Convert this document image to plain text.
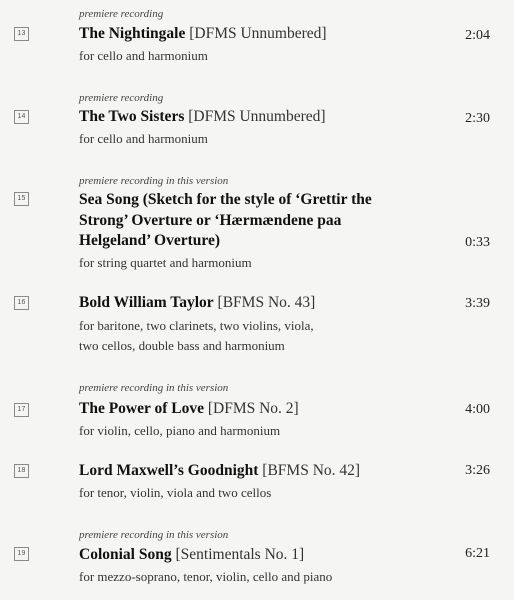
13
premiere recording
The Nightingale [DFMS Unnumbered]
for cello and harmonium
2:04
14
premiere recording
The Two Sisters [DFMS Unnumbered]
for cello and harmonium
2:30
15
premiere recording in this version
Sea Song (Sketch for the style of ‘Grettir the
Strong’ Overture or ‘Hærmændene paa
Helgeland’ Overture)
for string quartet and harmonium
0:33
16	Bold William Taylor [BFMS No. 43]
for baritone, two clarinets, two violins, viola,
two cellos, double bass and harmonium
3:39
17
premiere recording in this version
The Power of Love [DFMS No. 2]
for violin, cello, piano and harmonium
4:00
18	Lord Maxwell’s Goodnight [BFMS No. 42]
for tenor, violin, viola and two cellos
3:26
19
premiere recording in this version
Colonial Song [Sentimentals No. 1]
for mezzo-soprano, tenor, violin, cello and piano
6:21
